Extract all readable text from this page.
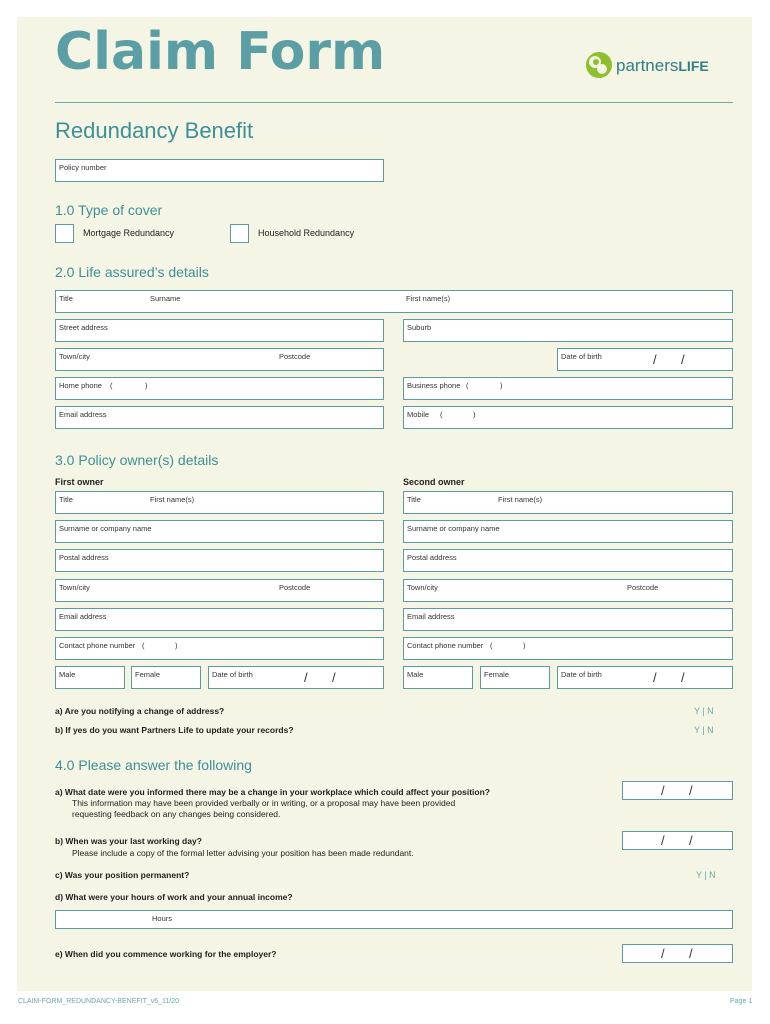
Claim Form	partnersLIFE
Redundancy Benefit
Policy number
1.0 Type of cover
Mortgage Redundancy	Household Redundancy
2.0 Life assured’s details
Title	Surname	First name(s)
Street address	Suburb
Town/city	Postcode	Date of birth	/ /
Home phone (	)	Business phone (	)
Email address	Mobile (	)
3.0 Policy owner(s) details
First owner	Second owner
Title	First name(s)	Title	First name(s)
Surname or company name	Surname or company name
Postal address	Postal address
Town/city	Postcode	Town/city	Postcode
Email address	Email address
Contact phone number (	)	Contact phone number (	)
Male	Female	Date of birth	/ /	Male	Female	Date of birth	/ /
a) Are you notifying a change of address?	Y | N
b) If yes do you want Partners Life to update your records?	Y | N
4.0 Please answer the following
a) What date were you informed there may be a change in your workplace which could affect your position?
This information may have been provided verbally or in writing, or a proposal may have been provided
requesting feedback on any changes being considered.
/ /
b) When was your last working day?
Please include a copy of the formal letter advising your position has been made redundant.
/ /
c) Was your position permanent?	Y | N
d) What were your hours of work and your annual income?
Hours
e) When did you commence working for the employer?	/ /
CLAIM-FORM_REDUNDANCY-BENEFIT_v6_11/20	Page 1
